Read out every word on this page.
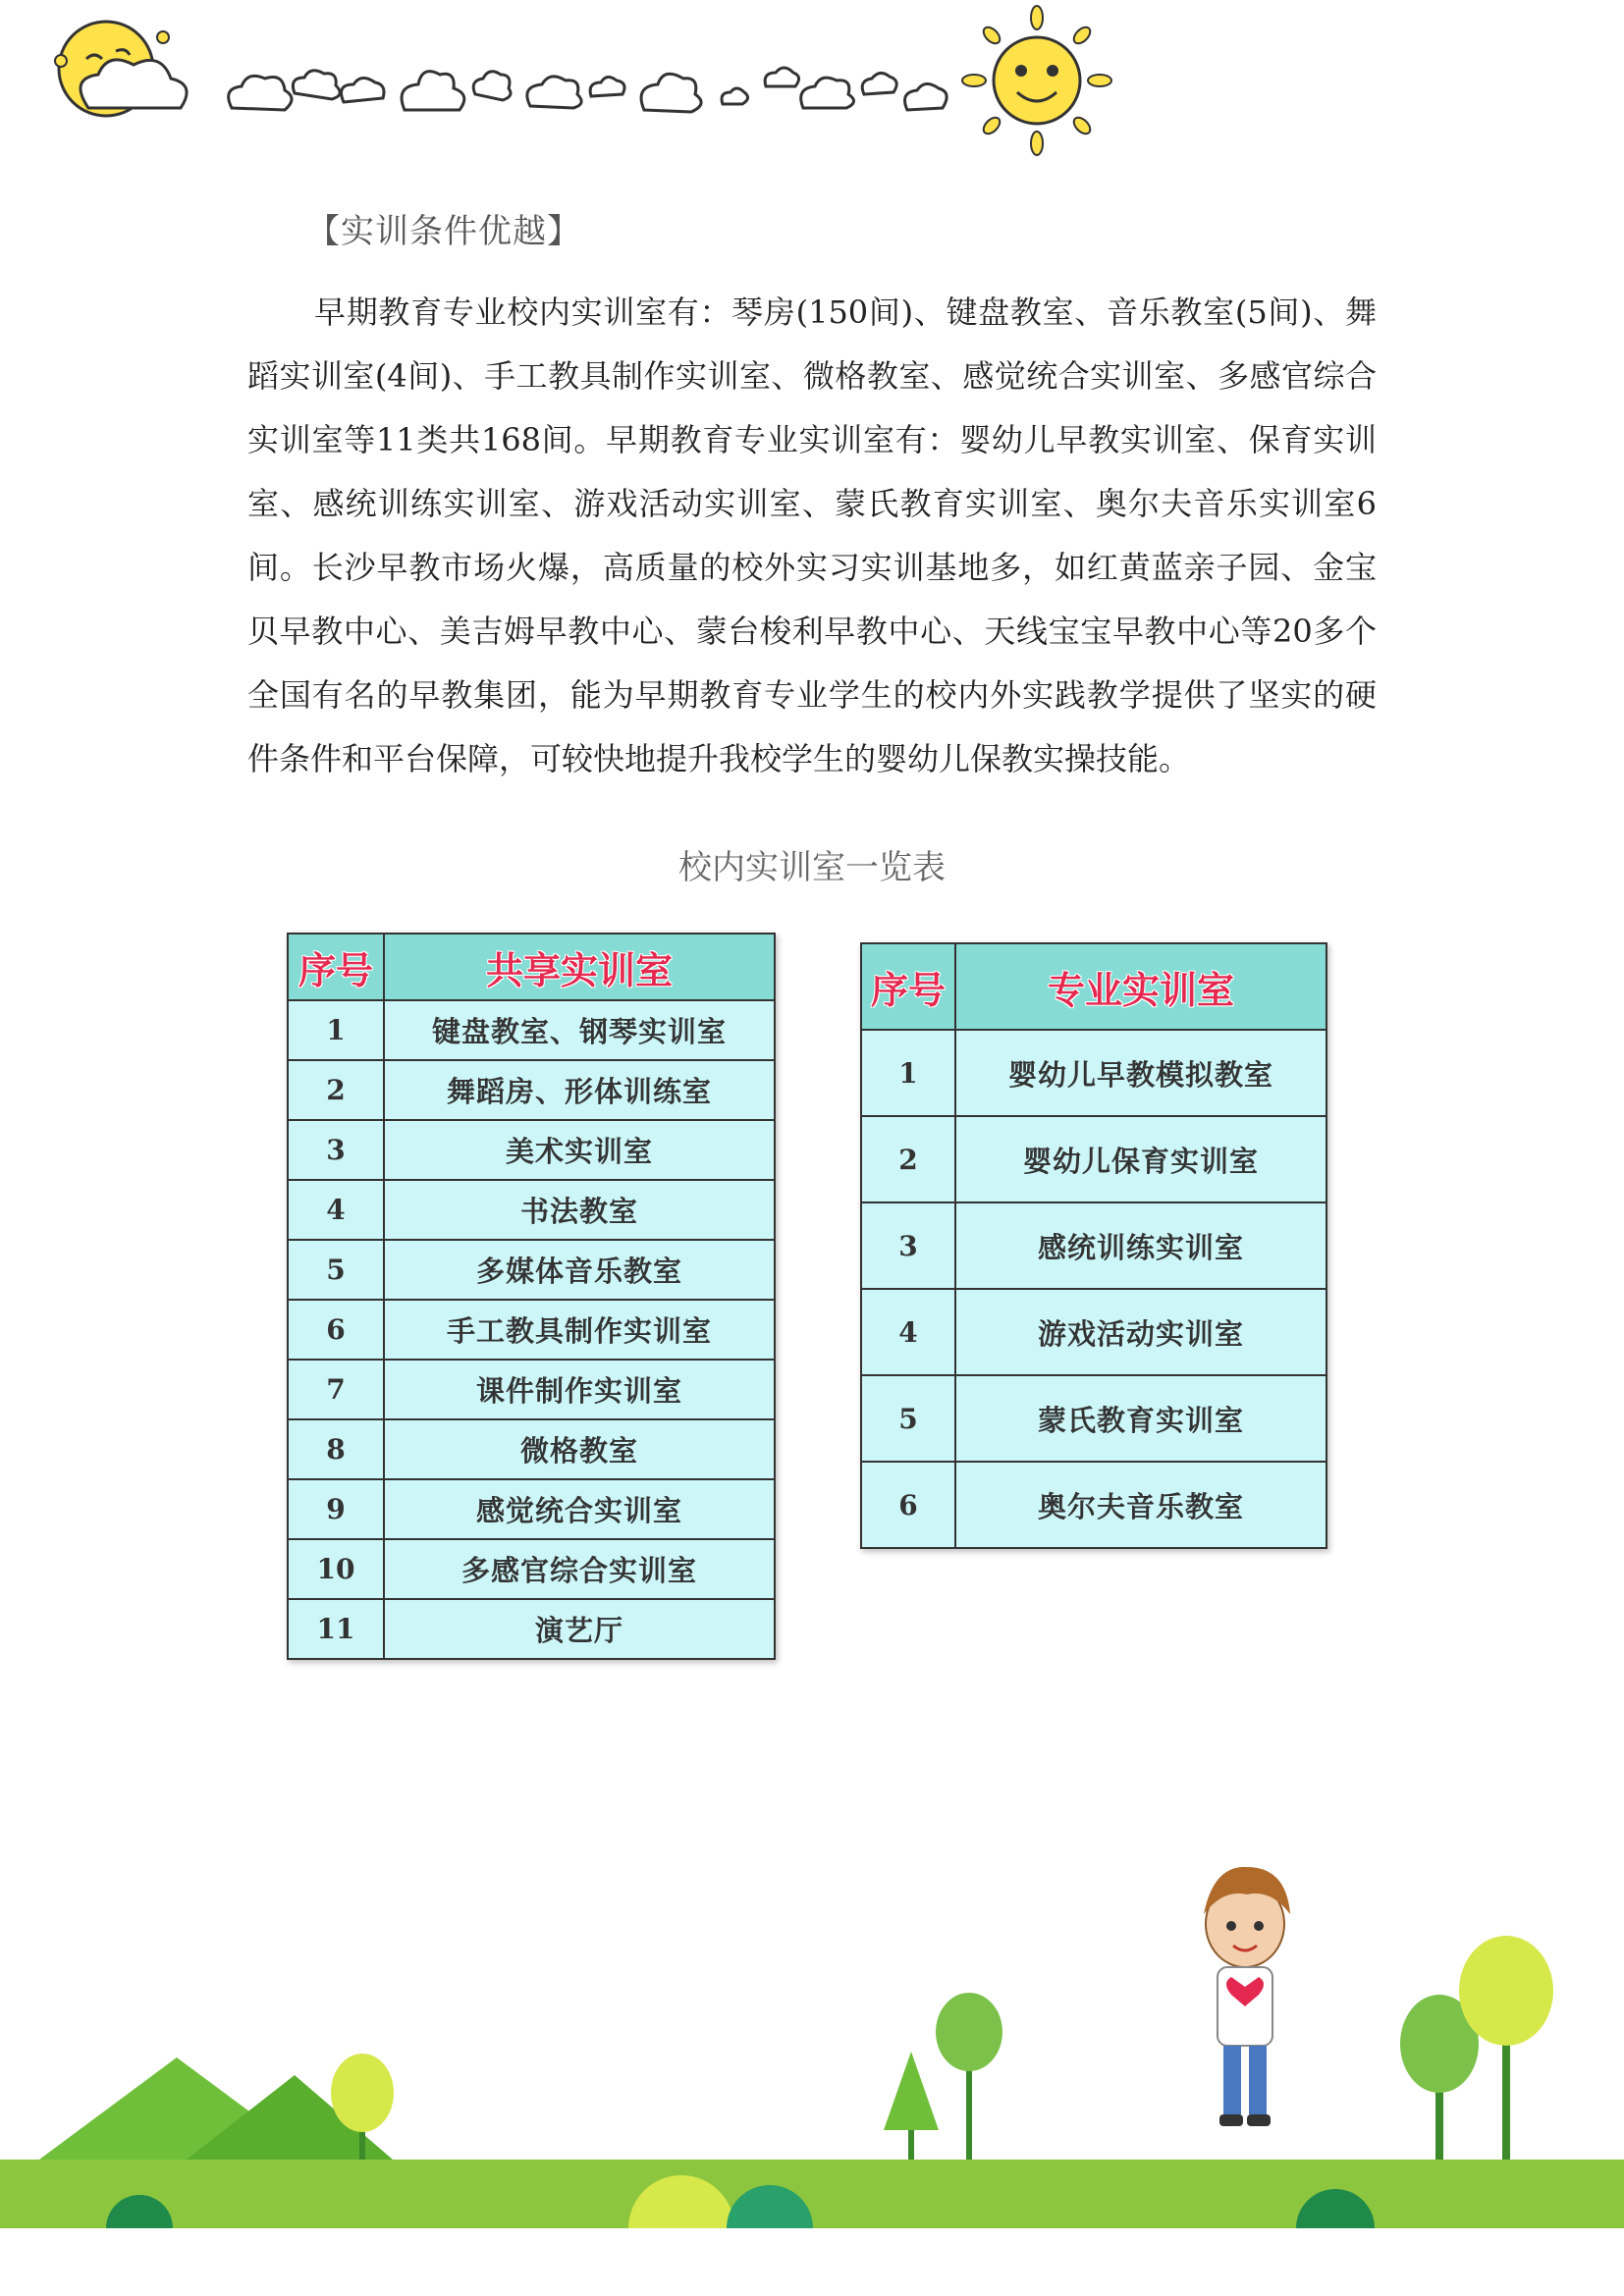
【实训条件优越】

早期教育专业校内实训室有：琴房(150间)、键盘教室、音乐教室(5间)、舞蹈实训室(4间)、手工教具制作实训室、微格教室、感觉统合实训室、多感官综合实训室等11类共168间。早期教育专业实训室有：婴幼儿早教实训室、保育实训室、感统训练实训室、游戏活动实训室、蒙氏教育实训室、奥尔夫音乐实训室6间。长沙早教市场火爆，高质量的校外实习实训基地多，如红黄蓝亲子园、金宝贝早教中心、美吉姆早教中心、蒙台梭利早教中心、天线宝宝早教中心等20多个全国有名的早教集团，能为早期教育专业学生的校内外实践教学提供了坚实的硬件条件和平台保障，可较快地提升我校学生的婴幼儿保教实操技能。

校内实训室一览表
序号	共享实训室
1	键盘教室、钢琴实训室
2	舞蹈房、形体训练室
3	美术实训室
4	书法教室
5	多媒体音乐教室
6	手工教具制作实训室
7	课件制作实训室
8	微格教室
9	感觉统合实训室
10	多感官综合实训室
11	演艺厅
序号	专业实训室
1	婴幼儿早教模拟教室
2	婴幼儿保育实训室
3	感统训练实训室
4	游戏活动实训室
5	蒙氏教育实训室
6	奥尔夫音乐教室
